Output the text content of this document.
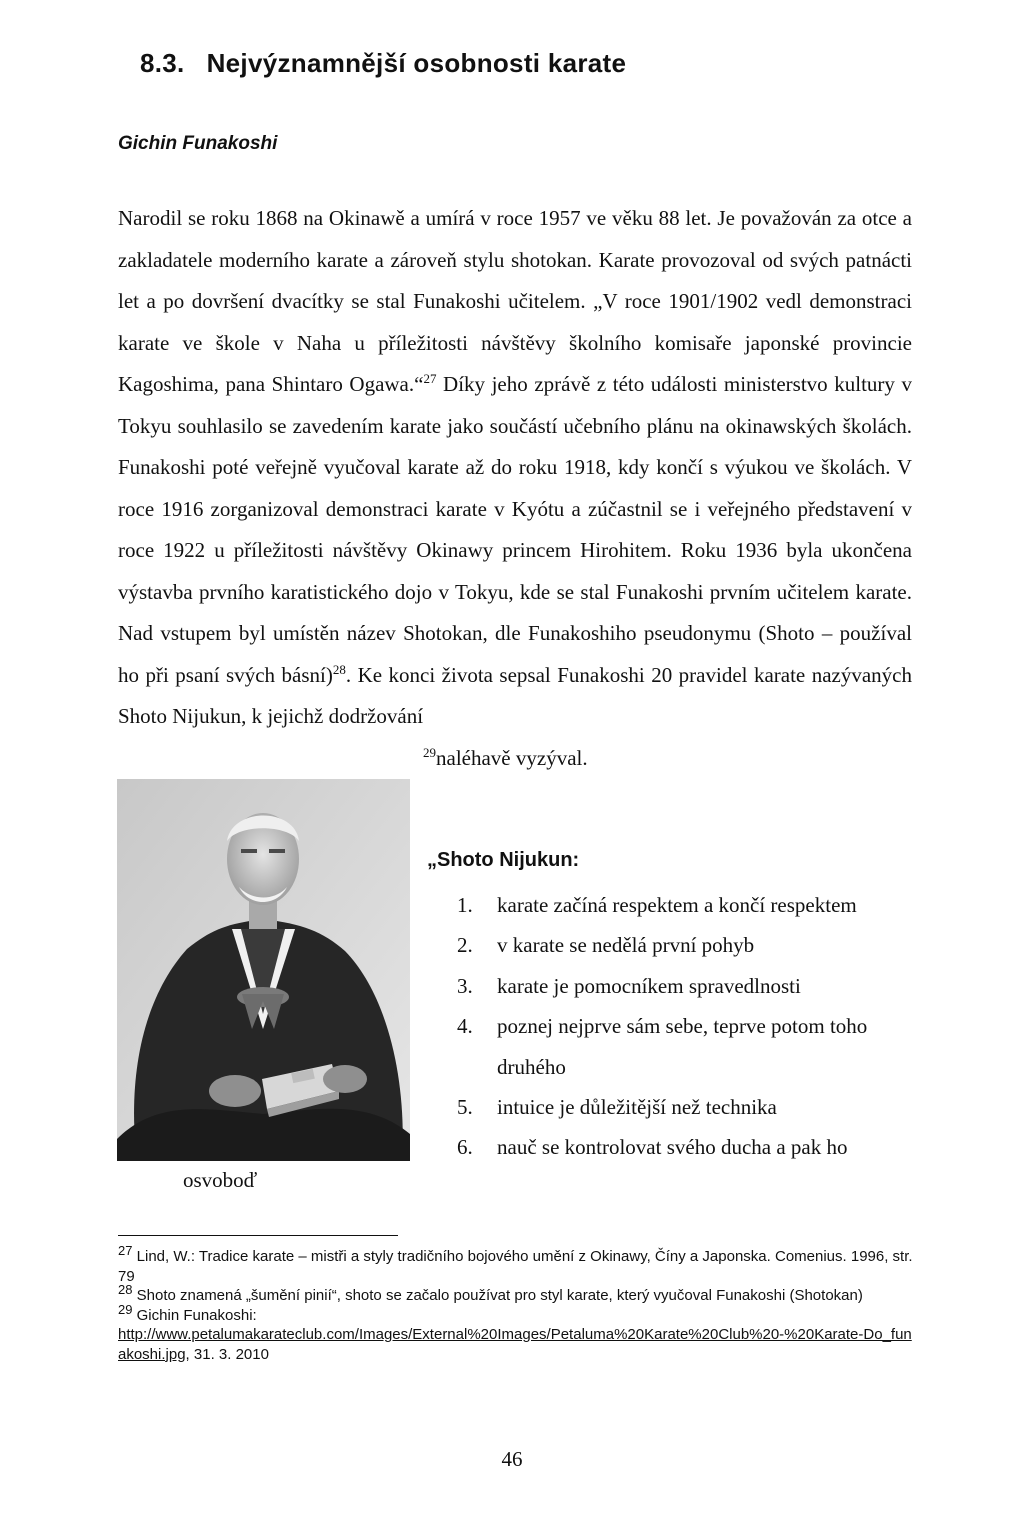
8.3. Nejvýznamnější osobnosti karate
Gichin Funakoshi

Narodil se roku 1868 na Okinawě a umírá v roce 1957 ve věku 88 let. Je považován za otce a zakladatele moderního karate a zároveň stylu shotokan. Karate provozoval od svých patnácti let a po dovršení dvacítky se stal Funakoshi učitelem. „V roce 1901/1902 vedl demonstraci karate ve škole v Naha u příležitosti návštěvy školního komisaře japonské provincie Kagoshima, pana Shintaro Ogawa.“$^{27}$ Díky jeho zprávě z této události ministerstvo kultury v Tokyu souhlasilo se zavedením karate jako součástí učebního plánu na okinawských školách. Funakoshi poté veřejně vyučoval karate až do roku 1918, kdy končí s výukou ve školách. V roce 1916 zorganizoval demonstraci karate v Kyótu a zúčastnil se i veřejného představení v roce 1922 u příležitosti návštěvy Okinawy princem Hirohitem. Roku 1936 byla ukončena výstavba prvního karatistického dojo v Tokyu, kde se stal Funakoshi prvním učitelem karate. Nad vstupem byl umístěn název Shotokan, dle Funakoshiho pseudonymu (Shoto – používal ho při psaní svých básní)$^{28}$. Ke konci života sepsal Funakoshi 20 pravidel karate nazývaných Shoto Nijukun, k jejichž dodržování
$^{29}$naléhavě vyzýval.

„Shoto Nijukun:
1.	karate začíná respektem a končí respektem
2.	v karate se nedělá první pohyb
3.	karate je pomocníkem spravedlnosti
4.	poznej nejprve sám sebe, teprve potom toho druhého
5.	intuice je důležitější než technika
6.	nauč se kontrolovat svého ducha a pak ho
osvoboď

$^{27}$ Lind, W.: Tradice karate – mistři a styly tradičního bojového umění z Okinawy, Číny a Japonska. Comenius. 1996, str. 79

$^{28}$ Shoto znamená „šumění pinií“, shoto se začalo používat pro styl karate, který vyučoval Funakoshi (Shotokan)

$^{29}$ Gichin Funakoshi:
http://www.petalumakarateclub.com/Images/External%20Images/Petaluma%20Karate%20Club%20-%20Karate-Do_funakoshi.jpg, 31. 3. 2010

46
